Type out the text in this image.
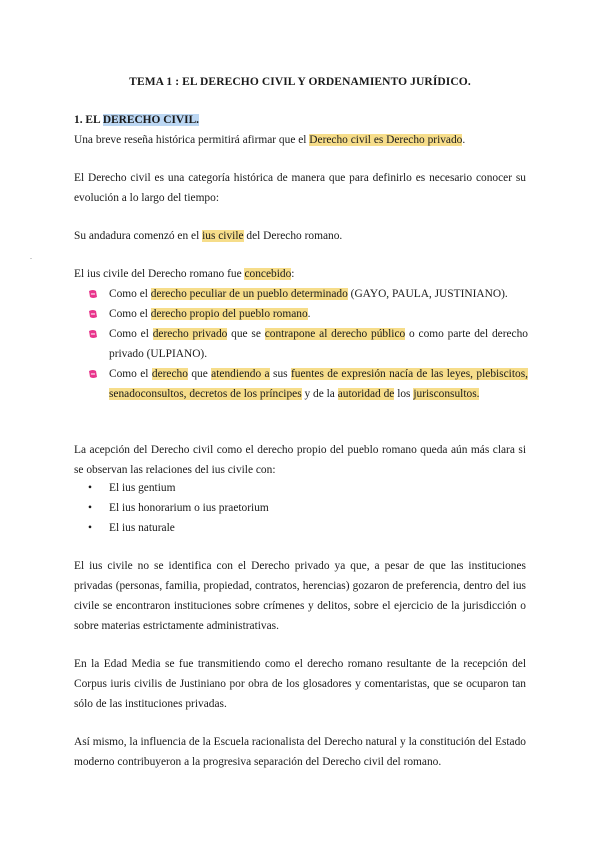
TEMA 1 : EL DERECHO CIVIL Y ORDENAMIENTO JURÍDICO.

1. EL DERECHO CIVIL.
Una breve reseña histórica permitirá afirmar que el Derecho civil es Derecho privado.

El Derecho civil es una categoría histórica de manera que para definirlo es necesario conocer su evolución a lo largo del tiempo:

Su andadura comenzó en el ius civile del Derecho romano.

El ius civile del Derecho romano fue concebido:

Como el derecho peculiar de un pueblo determinado (GAYO, PAULA, JUSTINIANO).
Como el derecho propio del pueblo romano.
Como el derecho privado que se contrapone al derecho público o como parte del derecho privado (ULPIANO).
Como el derecho que atendiendo a sus fuentes de expresión nacía de las leyes, plebiscitos, senadoconsultos, decretos de los príncipes y de la autoridad de los jurisconsultos.

La acepción del Derecho civil como el derecho propio del pueblo romano queda aún más clara si se observan las relaciones del ius civile con:

• El ius gentium
• El ius honorarium o ius praetorium
• El ius naturale

El ius civile no se identifica con el Derecho privado ya que, a pesar de que las instituciones privadas (personas, familia, propiedad, contratos, herencias) gozaron de preferencia, dentro del ius civile se encontraron instituciones sobre crímenes y delitos, sobre el ejercicio de la jurisdicción o sobre materias estrictamente administrativas.

En la Edad Media se fue transmitiendo como el derecho romano resultante de la recepción del Corpus iuris civilis de Justiniano por obra de los glosadores y comentaristas, que se ocuparon tan sólo de las instituciones privadas.

Así mismo, la influencia de la Escuela racionalista del Derecho natural y la constitución del Estado moderno contribuyeron a la progresiva separación del Derecho civil del romano.
